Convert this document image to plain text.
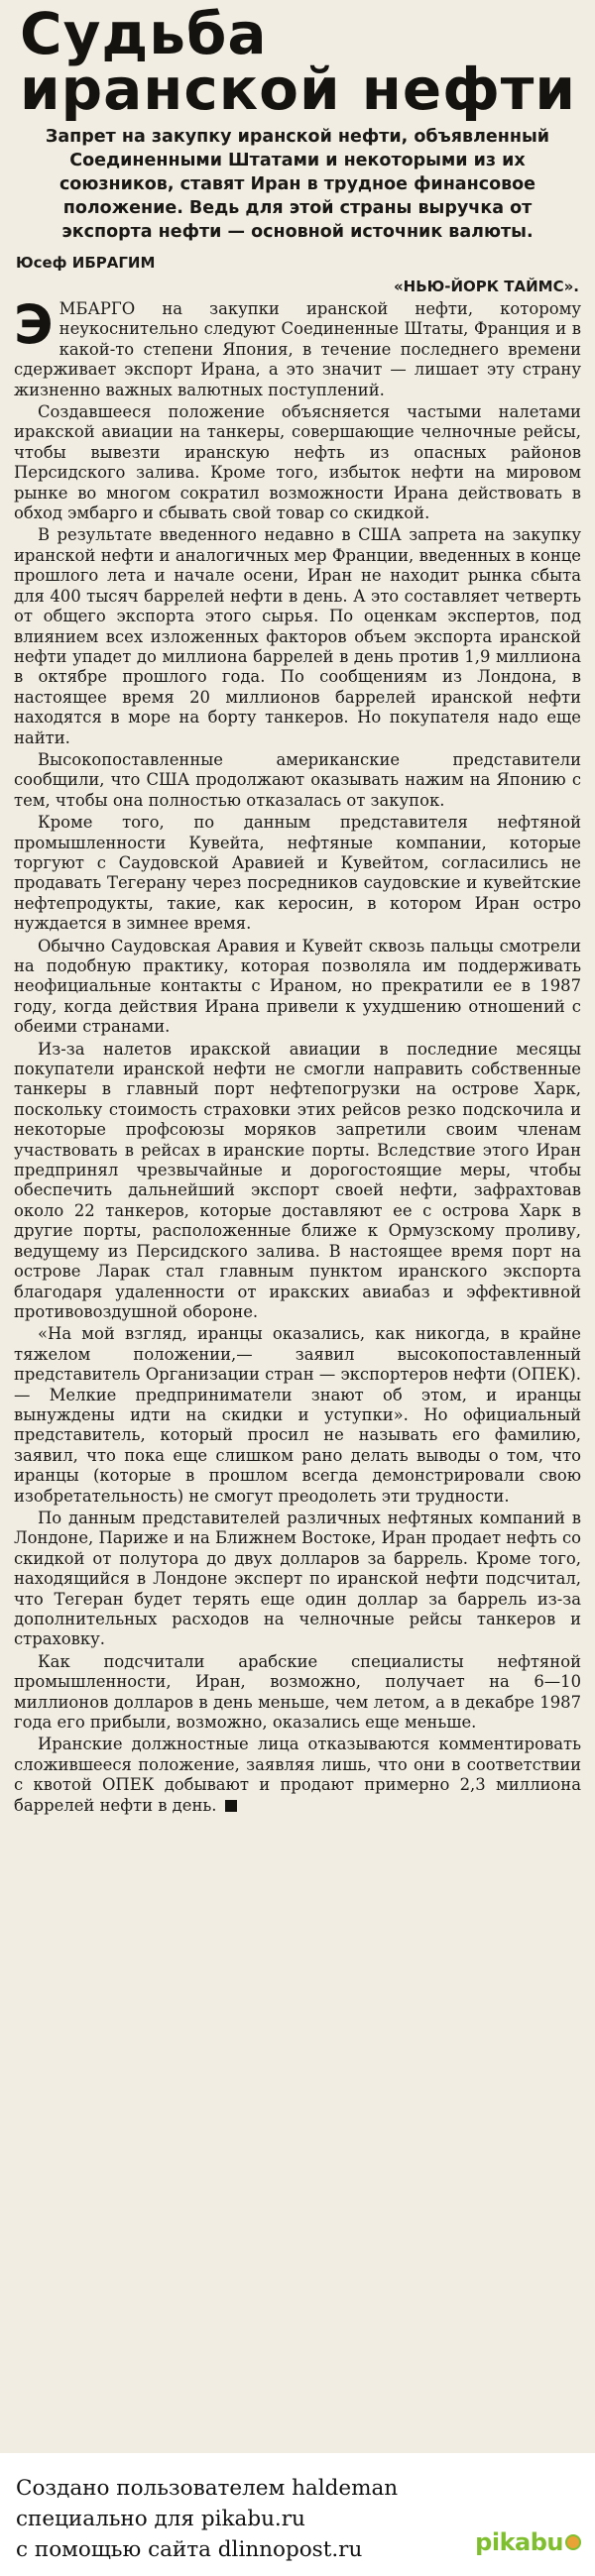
Судьба
иранской нефти

Запрет на закупку иранской нефти, объявленный Соединенными Штатами и некоторыми из их союзников, ставят Иран в трудное финансовое положение. Ведь для этой страны выручка от экспорта нефти — основной источник валюты.

Юсеф ИБРАГИМ
«НЬЮ-ЙОРК ТАЙМС».

ЭМБАРГО на закупки иранской нефти, которому неукоснительно следуют Соединенные Штаты, Франция и в какой-то степени Япония, в течение последнего времени сдерживает экспорт Ирана, а это значит — лишает эту страну жизненно важных валютных поступлений.

Создавшееся положение объясняется частыми налетами иракской авиации на танкеры, совершающие челночные рейсы, чтобы вывезти иранскую нефть из опасных районов Персидского залива. Кроме того, избыток нефти на мировом рынке во многом сократил возможности Ирана действовать в обход эмбарго и сбывать свой товар со скидкой.

В результате введенного недавно в США запрета на закупку иранской нефти и аналогичных мер Франции, введенных в конце прошлого лета и начале осени, Иран не находит рынка сбыта для 400 тысяч баррелей нефти в день. А это составляет четверть от общего экспорта этого сырья. По оценкам экспертов, под влиянием всех изложенных факторов объем экспорта иранской нефти упадет до миллиона баррелей в день против 1,9 миллиона в октябре прошлого года. По сообщениям из Лондона, в настоящее время 20 миллионов баррелей иранской нефти находятся в море на борту танкеров. Но покупателя надо еще найти.

Высокопоставленные американские представители сообщили, что США продолжают оказывать нажим на Японию с тем, чтобы она полностью отказалась от закупок.

Кроме того, по данным представителя нефтяной промышленности Кувейта, нефтяные компании, которые торгуют с Саудовской Аравией и Кувейтом, согласились не продавать Тегерану через посредников саудовские и кувейтские нефтепродукты, такие, как керосин, в котором Иран остро нуждается в зимнее время.

Обычно Саудовская Аравия и Кувейт сквозь пальцы смотрели на подобную практику, которая позволяла им поддерживать неофициальные контакты с Ираном, но прекратили ее в 1987 году, когда действия Ирана привели к ухудшению отношений с обеими странами.

Из-за налетов иракской авиации в последние месяцы покупатели иранской нефти не смогли направить собственные танкеры в главный порт нефтепогрузки на острове Харк, поскольку стоимость страховки этих рейсов резко подскочила и некоторые профсоюзы моряков запретили своим членам участвовать в рейсах в иранские порты. Вследствие этого Иран предпринял чрезвычайные и дорогостоящие меры, чтобы обеспечить дальнейший экспорт своей нефти, зафрахтовав около 22 танкеров, которые доставляют ее с острова Харк в другие порты, расположенные ближе к Ормузскому проливу, ведущему из Персидского залива. В настоящее время порт на острове Ларак стал главным пунктом иранского экспорта благодаря удаленности от иракских авиабаз и эффективной противовоздушной обороне.

«На мой взгляд, иранцы оказались, как никогда, в крайне тяжелом положении,— заявил высокопоставленный представитель Организации стран — экспортеров нефти (ОПЕК).— Мелкие предприниматели знают об этом, и иранцы вынуждены идти на скидки и уступки». Но официальный представитель, который просил не называть его фамилию, заявил, что пока еще слишком рано делать выводы о том, что иранцы (которые в прошлом всегда демонстрировали свою изобретательность) не смогут преодолеть эти трудности.

По данным представителей различных нефтяных компаний в Лондоне, Париже и на Ближнем Востоке, Иран продает нефть со скидкой от полутора до двух долларов за баррель. Кроме того, находящийся в Лондоне эксперт по иранской нефти подсчитал, что Тегеран будет терять еще один доллар за баррель из-за дополнительных расходов на челночные рейсы танкеров и страховку.

Как подсчитали арабские специалисты нефтяной промышленности, Иран, возможно, получает на 6—10 миллионов долларов в день меньше, чем летом, а в декабре 1987 года его прибыли, возможно, оказались еще меньше.

Иранские должностные лица отказываются комментировать сложившееся положение, заявляя лишь, что они в соответствии с квотой ОПЕК добывают и продают примерно 2,3 миллиона баррелей нефти в день.

Создано пользователем haldeman
специально для pikabu.ru
с помощью сайта dlinnopost.ru	pikabu
